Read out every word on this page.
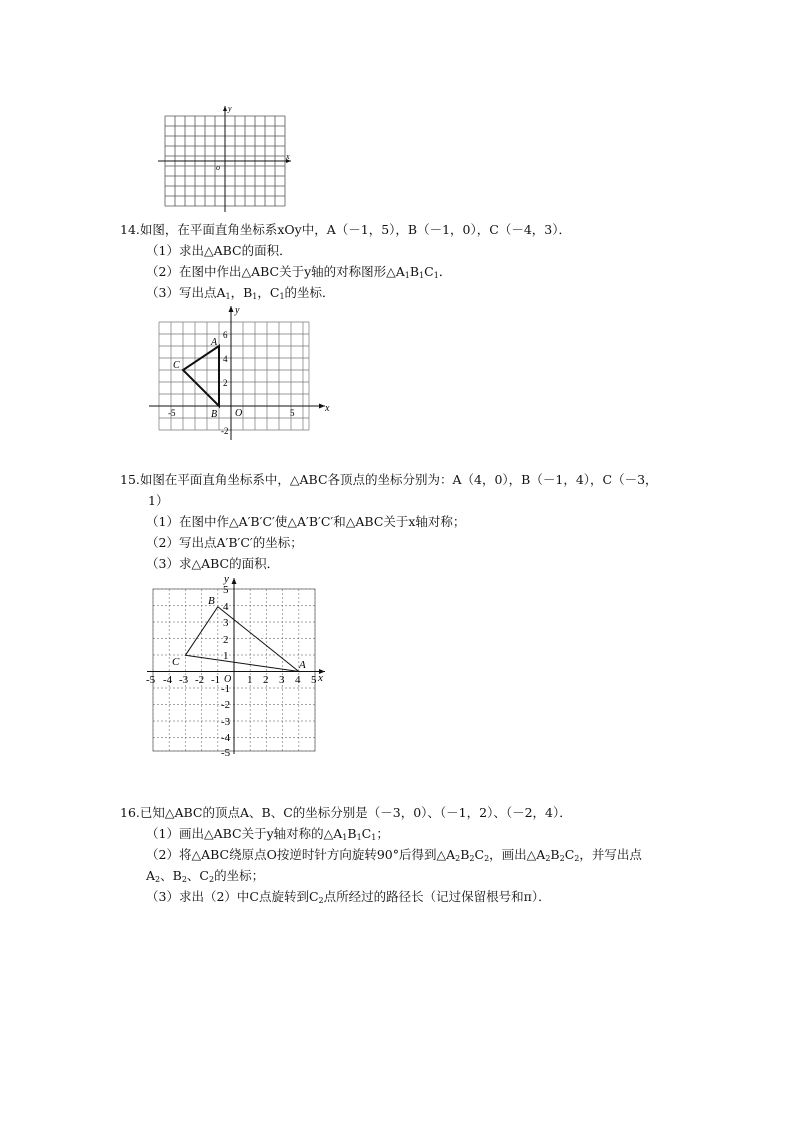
y
x
o
14.如图，在平面直角坐标系xOy中，A（－1，5），B（－1，0），C（－4，3）．
（1）求出△ABC的面积．
（2）在图中作出△ABC关于y轴的对称图形$\triangle A_1B_1C_1$．
（3）写出点$A_1$，$B_1$，$C_1$的坐标．
y
x
O
A
B
C
6
4
2
-2
-5	5
15.如图在平面直角坐标系中，△ABC各顶点的坐标分别为：A（4，0），B（－1，4），C（－3，
1）
（1）在图中作△A′B′C′使△A′B′C′和△ABC关于x轴对称；
（2）写出点A′B′C′的坐标；
（3）求△ABC的面积．
y
x
O
A
B
C
-5 -4 -3 -2 -1 1 2 3 4 5
5
4
3
2
1
-1
-2
-3
-4
-5
16.已知△ABC的顶点A、B、C的坐标分别是（－3，0）、（－1，2）、（－2，4）．
（1）画出△ABC关于y轴对称的$\triangle A_1B_1C_1$；
（2）将△ABC绕原点O按逆时针方向旋转90°后得到$\triangle A_2B_2C_2$，画出$\triangle A_2B_2C_2$，并写出点
$A_2$、$B_2$、$C_2$的坐标；
（3）求出（2）中C点旋转到$C_2$点所经过的路径长（记过保留根号和π）．
